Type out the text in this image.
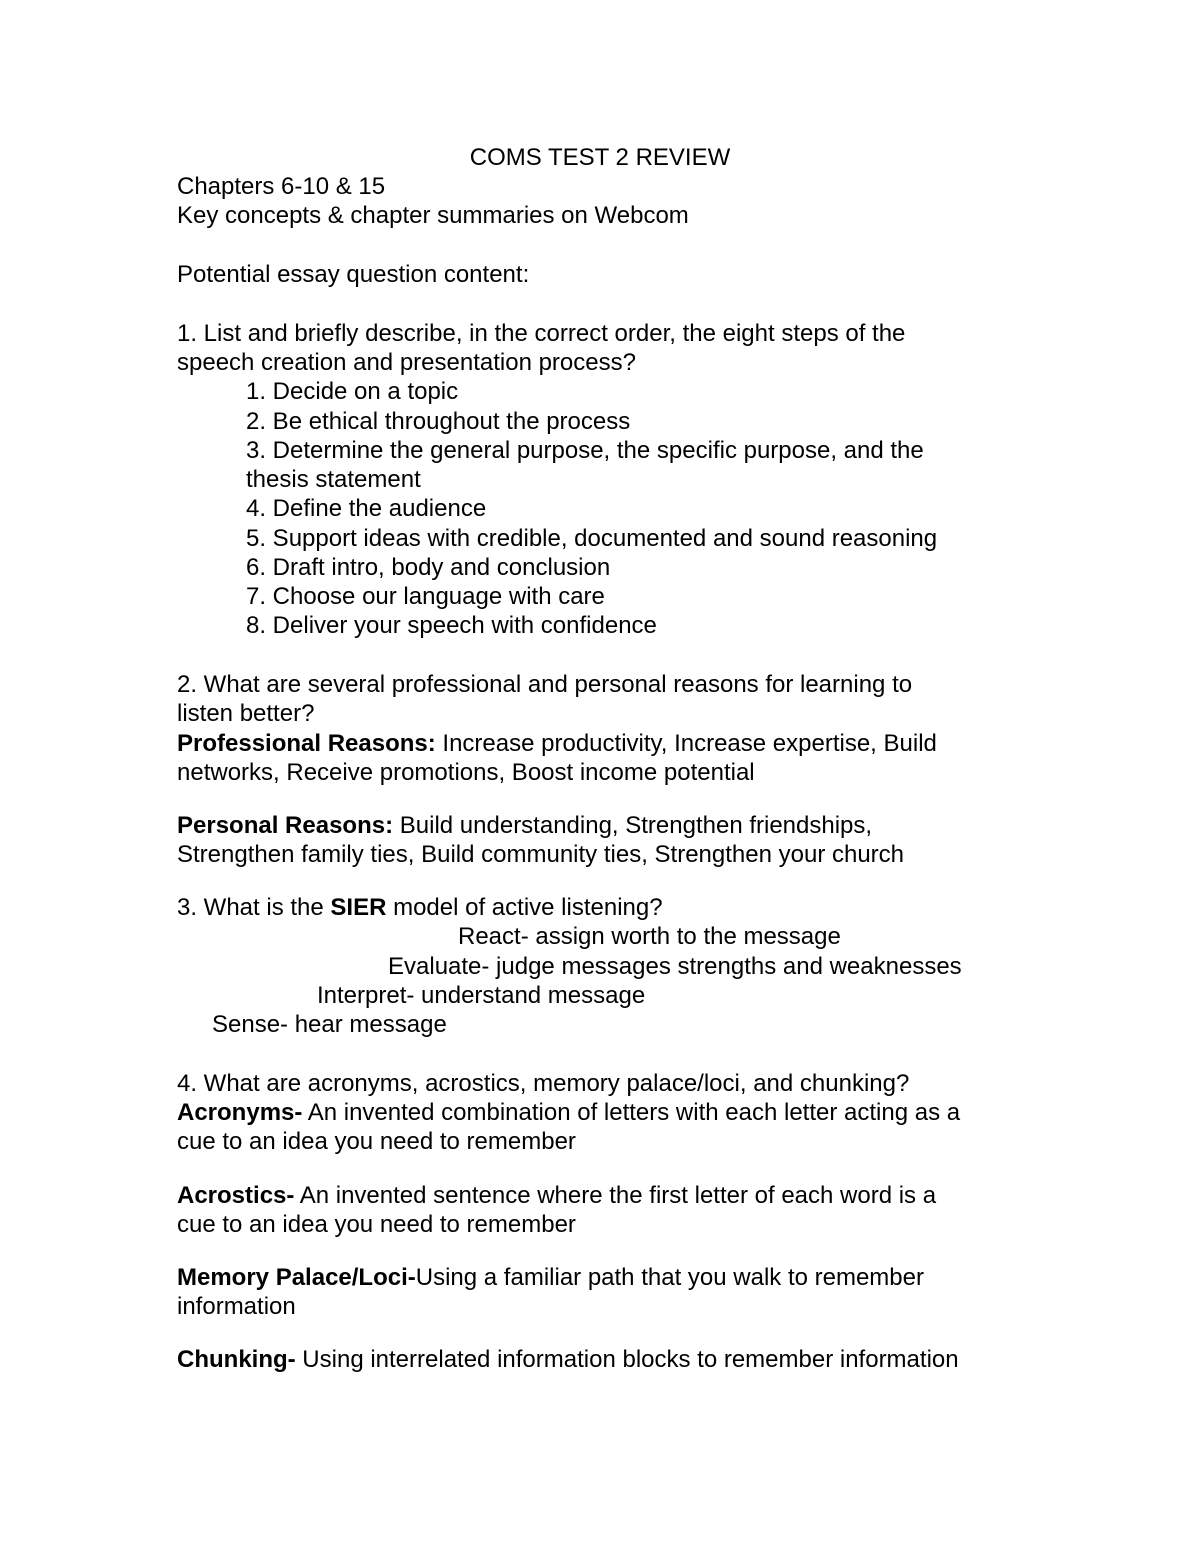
COMS TEST 2 REVIEW
Chapters 6-10 & 15
Key concepts & chapter summaries on Webcom
Potential essay question content:
1. List and briefly describe, in the correct order, the eight steps of the
speech creation and presentation process?
1. Decide on a topic
2. Be ethical throughout the process
3. Determine the general purpose, the specific purpose, and the
thesis statement
4. Define the audience
5. Support ideas with credible, documented and sound reasoning
6. Draft intro, body and conclusion
7. Choose our language with care
8. Deliver your speech with confidence
2. What are several professional and personal reasons for learning to
listen better?
Professional Reasons: Increase productivity, Increase expertise, Build
networks, Receive promotions, Boost income potential
Personal Reasons: Build understanding, Strengthen friendships,
Strengthen family ties, Build community ties, Strengthen your church
3. What is the SIER model of active listening?
React- assign worth to the message
Evaluate- judge messages strengths and weaknesses
Interpret- understand message
Sense- hear message
4. What are acronyms, acrostics, memory palace/loci, and chunking?
Acronyms- An invented combination of letters with each letter acting as a
cue to an idea you need to remember
Acrostics- An invented sentence where the first letter of each word is a
cue to an idea you need to remember
Memory Palace/Loci-Using a familiar path that you walk to remember
information
Chunking- Using interrelated information blocks to remember information
